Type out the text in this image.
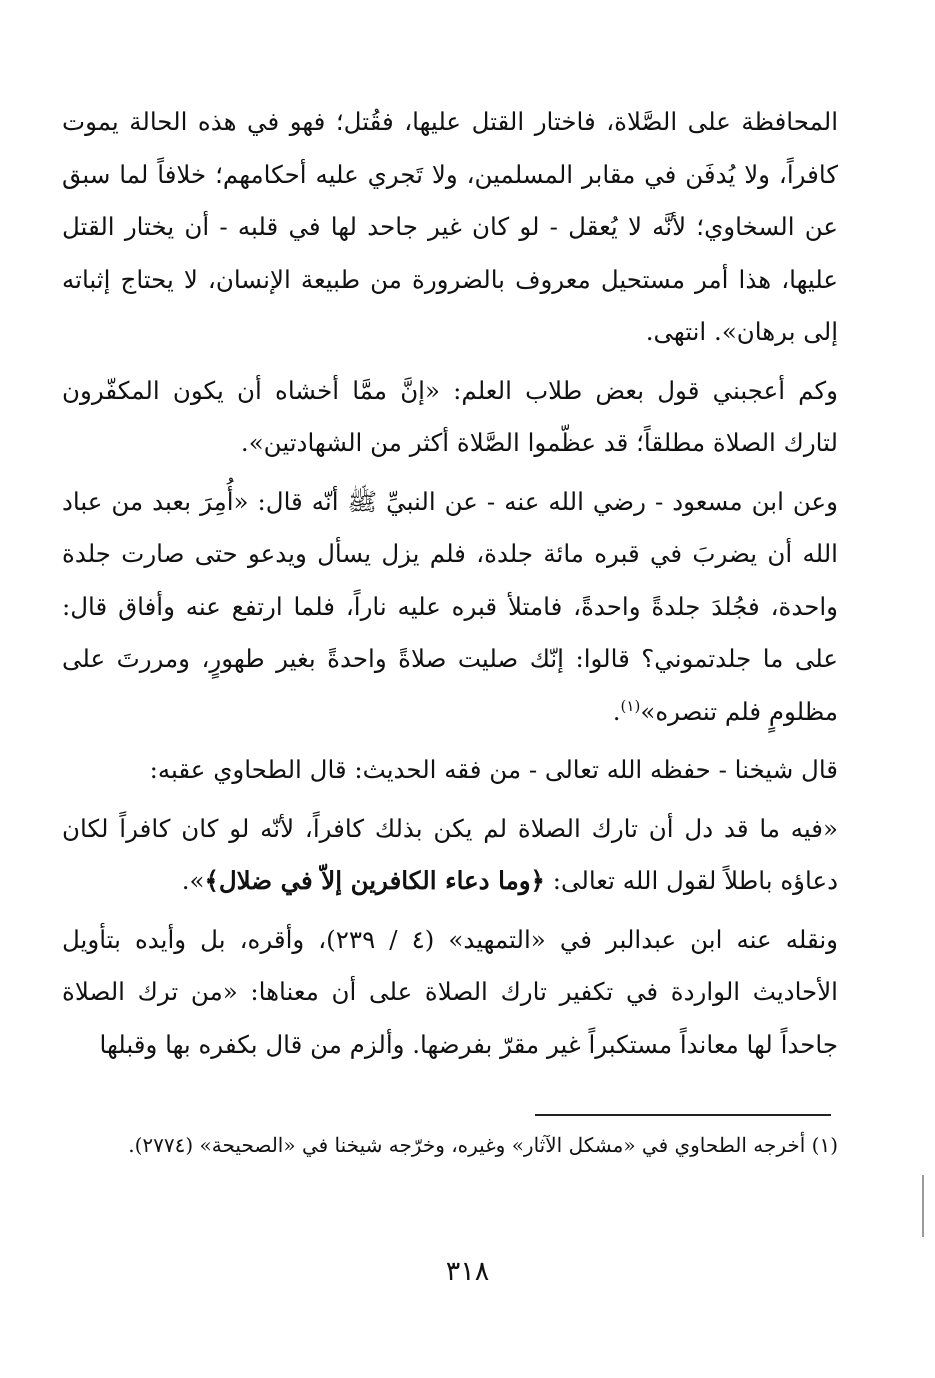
المحافظة على الصَّلاة، فاختار القتل عليها، فقُتل؛ فهو في هذه الحالة يموت كافراً، ولا يُدفَن في مقابر المسلمين، ولا تَجري عليه أحكامهم؛ خلافاً لما سبق عن السخاوي؛ لأنَّه لا يُعقل - لو كان غير جاحد لها في قلبه - أن يختار القتل عليها، هذا أمر مستحيل معروف بالضرورة من طبيعة الإنسان، لا يحتاج إثباته إلى برهان». انتهى.

وكم أعجبني قول بعض طلاب العلم: «إنَّ ممَّا أخشاه أن يكون المكفّرون لتارك الصلاة مطلقاً؛ قد عظّموا الصَّلاة أكثر من الشهادتين».

وعن ابن مسعود - رضي الله عنه - عن النبيِّ ﷺ أنّه قال: «أُمِرَ بعبد من عباد الله أن يضربَ في قبره مائة جلدة، فلم يزل يسأل ويدعو حتى صارت جلدة واحدة، فجُلدَ جلدةً واحدةً، فامتلأ قبره عليه ناراً، فلما ارتفع عنه وأفاق قال: على ما جلدتموني؟ قالوا: إنّك صليت صلاةً واحدةً بغير طهورٍ، ومررتَ على مظلومٍ فلم تنصره»$^{(١)}$.

قال شيخنا - حفظه الله تعالى - من فقه الحديث: قال الطحاوي عقبه:

«فيه ما قد دل أن تارك الصلاة لم يكن بذلك كافراً، لأنّه لو كان كافراً لكان دعاؤه باطلاً لقول الله تعالى: ﴿وما دعاء الكافرين إلاّ في ضلال﴾».

ونقله عنه ابن عبدالبر في «التمهيد» (٤ / ٢٣٩)، وأقره، بل وأيده بتأويل الأحاديث الواردة في تكفير تارك الصلاة على أن معناها: «من ترك الصلاة جاحداً لها معانداً مستكبراً غير مقرّ بفرضها. وألزم من قال بكفره بها وقبلها

(١) أخرجه الطحاوي في «مشكل الآثار» وغيره، وخرّجه شيخنا في «الصحيحة» (٢٧٧٤).
٣١٨
